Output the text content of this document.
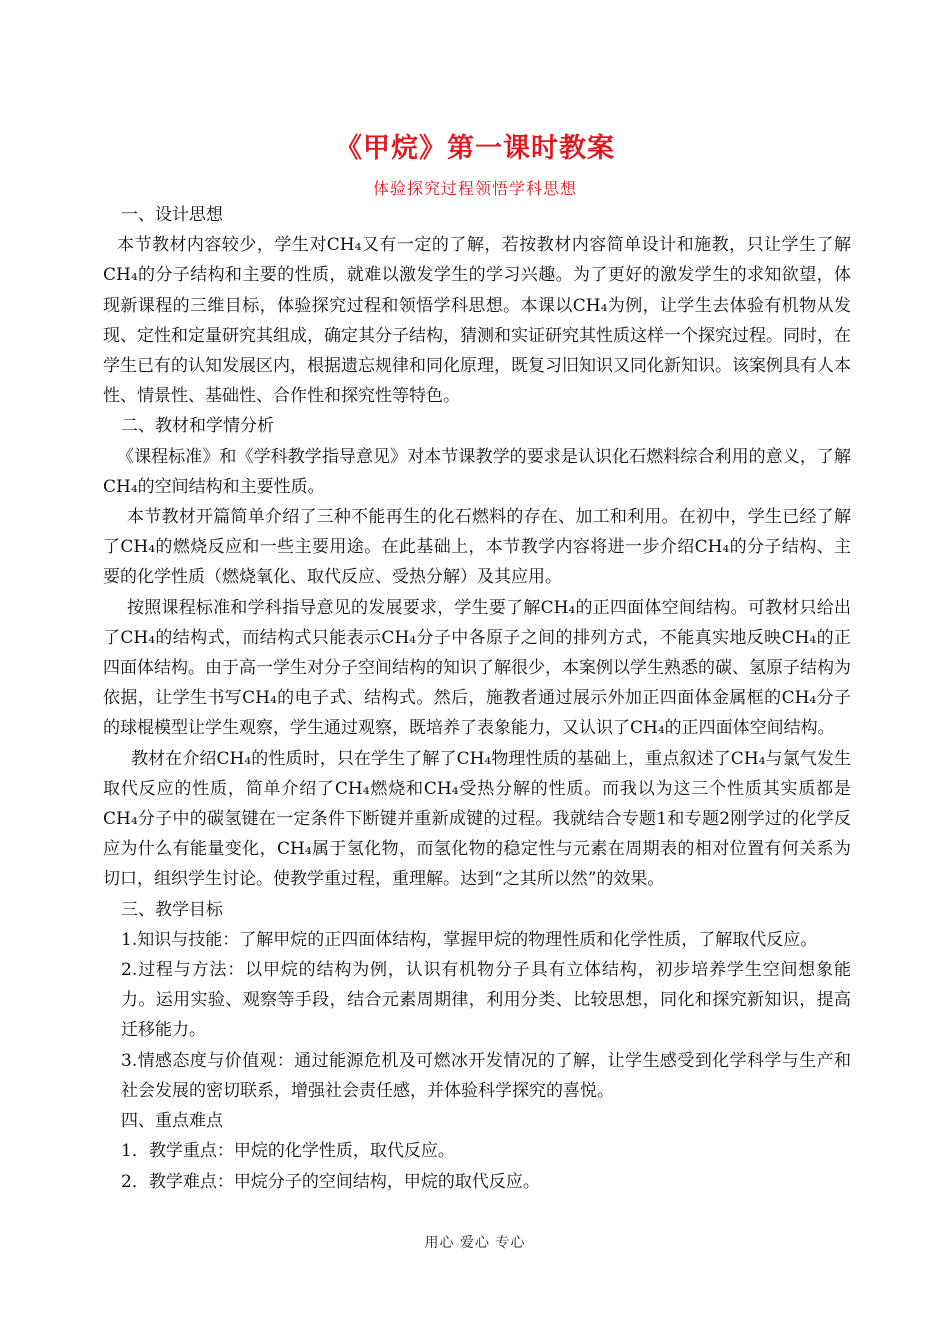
《甲烷》第一课时教案
体验探究过程领悟学科思想

一、设计思想

本节教材内容较少，学生对CH₄又有一定的了解，若按教材内容简单设计和施教，只让学生了解CH₄的分子结构和主要的性质，就难以激发学生的学习兴趣。为了更好的激发学生的求知欲望，体现新课程的三维目标，体验探究过程和领悟学科思想。本课以CH₄为例，让学生去体验有机物从发现、定性和定量研究其组成，确定其分子结构，猜测和实证研究其性质这样一个探究过程。同时，在学生已有的认知发展区内，根据遗忘规律和同化原理，既复习旧知识又同化新知识。该案例具有人本性、情景性、基础性、合作性和探究性等特色。

二、教材和学情分析

《课程标准》和《学科教学指导意见》对本节课教学的要求是认识化石燃料综合利用的意义，了解CH₄的空间结构和主要性质。

本节教材开篇简单介绍了三种不能再生的化石燃料的存在、加工和利用。在初中，学生已经了解了CH₄的燃烧反应和一些主要用途。在此基础上，本节教学内容将进一步介绍CH₄的分子结构、主要的化学性质（燃烧氧化、取代反应、受热分解）及其应用。

按照课程标准和学科指导意见的发展要求，学生要了解CH₄的正四面体空间结构。可教材只给出了CH₄的结构式，而结构式只能表示CH₄分子中各原子之间的排列方式，不能真实地反映CH₄的正四面体结构。由于高一学生对分子空间结构的知识了解很少，本案例以学生熟悉的碳、氢原子结构为依据，让学生书写CH₄的电子式、结构式。然后，施教者通过展示外加正四面体金属框的CH₄分子的球棍模型让学生观察，学生通过观察，既培养了表象能力，又认识了CH₄的正四面体空间结构。

教材在介绍CH₄的性质时，只在学生了解了CH₄物理性质的基础上，重点叙述了CH₄与氯气发生取代反应的性质，简单介绍了CH₄燃烧和CH₄受热分解的性质。而我以为这三个性质其实质都是CH₄分子中的碳氢键在一定条件下断键并重新成键的过程。我就结合专题1和专题2刚学过的化学反应为什么有能量变化，CH₄属于氢化物，而氢化物的稳定性与元素在周期表的相对位置有何关系为切口，组织学生讨论。使教学重过程，重理解。达到“之其所以然”的效果。

三、教学目标

1.知识与技能：了解甲烷的正四面体结构，掌握甲烷的物理性质和化学性质，了解取代反应。

2.过程与方法：以甲烷的结构为例，认识有机物分子具有立体结构，初步培养学生空间想象能力。运用实验、观察等手段，结合元素周期律，利用分类、比较思想，同化和探究新知识，提高迁移能力。

3.情感态度与价值观：通过能源危机及可燃冰开发情况的了解，让学生感受到化学科学与生产和社会发展的密切联系，增强社会责任感，并体验科学探究的喜悦。

四、重点难点

1．教学重点：甲烷的化学性质，取代反应。

2．教学难点：甲烷分子的空间结构，甲烷的取代反应。

用心 爱心 专心
